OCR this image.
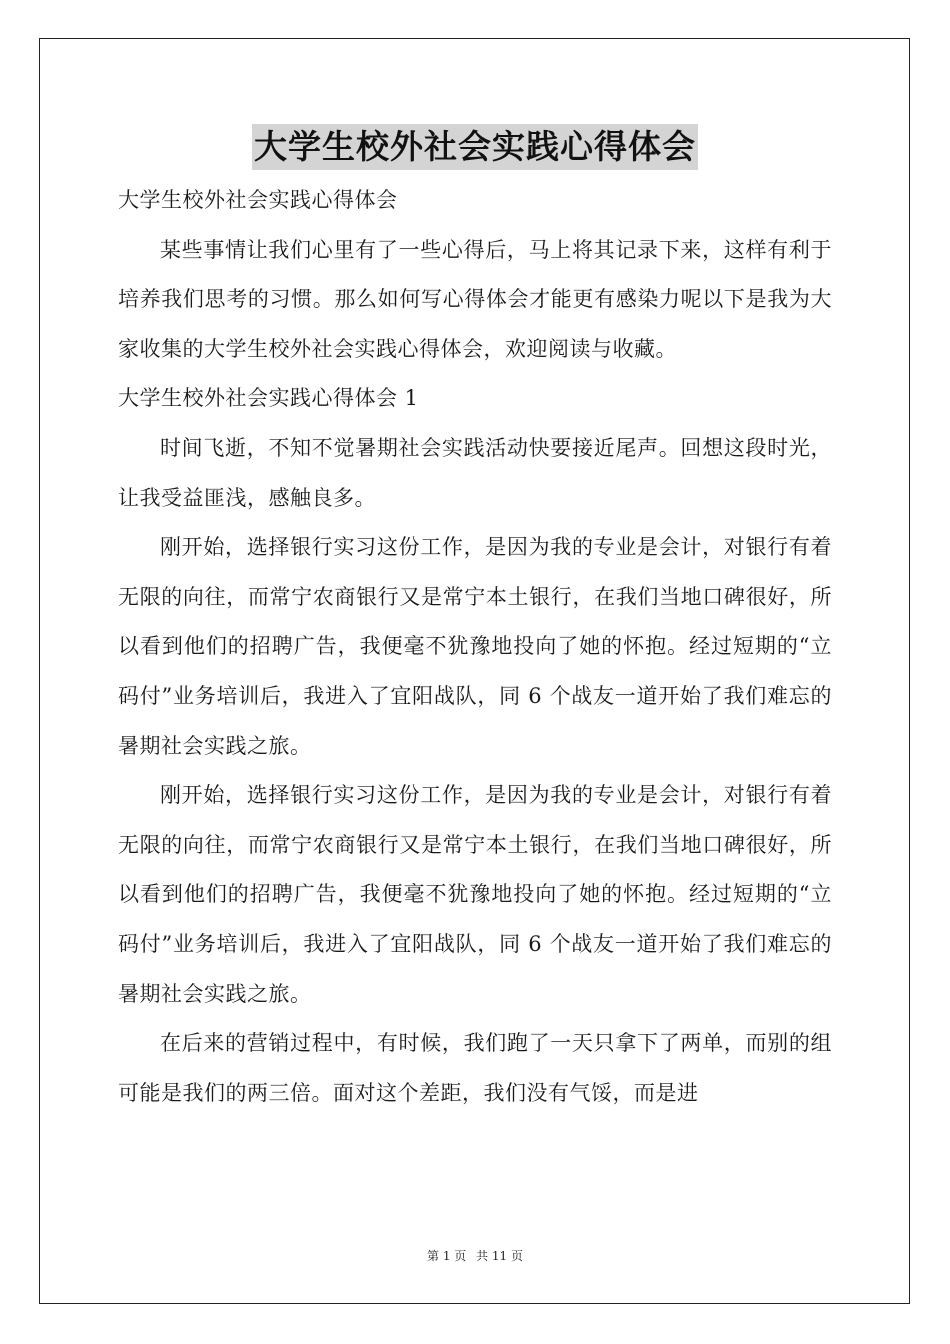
大学生校外社会实践心得体会

大学生校外社会实践心得体会

某些事情让我们心里有了一些心得后，马上将其记录下来，这样有利于培养我们思考的习惯。那么如何写心得体会才能更有感染力呢以下是我为大家收集的大学生校外社会实践心得体会，欢迎阅读与收藏。

大学生校外社会实践心得体会 1

时间飞逝，不知不觉暑期社会实践活动快要接近尾声。回想这段时光，让我受益匪浅，感触良多。

刚开始，选择银行实习这份工作，是因为我的专业是会计，对银行有着无限的向往，而常宁农商银行又是常宁本土银行，在我们当地口碑很好，所以看到他们的招聘广告，我便毫不犹豫地投向了她的怀抱。经过短期的“立码付”业务培训后，我进入了宜阳战队，同 6 个战友一道开始了我们难忘的暑期社会实践之旅。

刚开始，选择银行实习这份工作，是因为我的专业是会计，对银行有着无限的向往，而常宁农商银行又是常宁本土银行，在我们当地口碑很好，所以看到他们的招聘广告，我便毫不犹豫地投向了她的怀抱。经过短期的“立码付”业务培训后，我进入了宜阳战队，同 6 个战友一道开始了我们难忘的暑期社会实践之旅。

在后来的营销过程中，有时候，我们跑了一天只拿下了两单，而别的组可能是我们的两三倍。面对这个差距，我们没有气馁，而是进

第 1 页 共 11 页
